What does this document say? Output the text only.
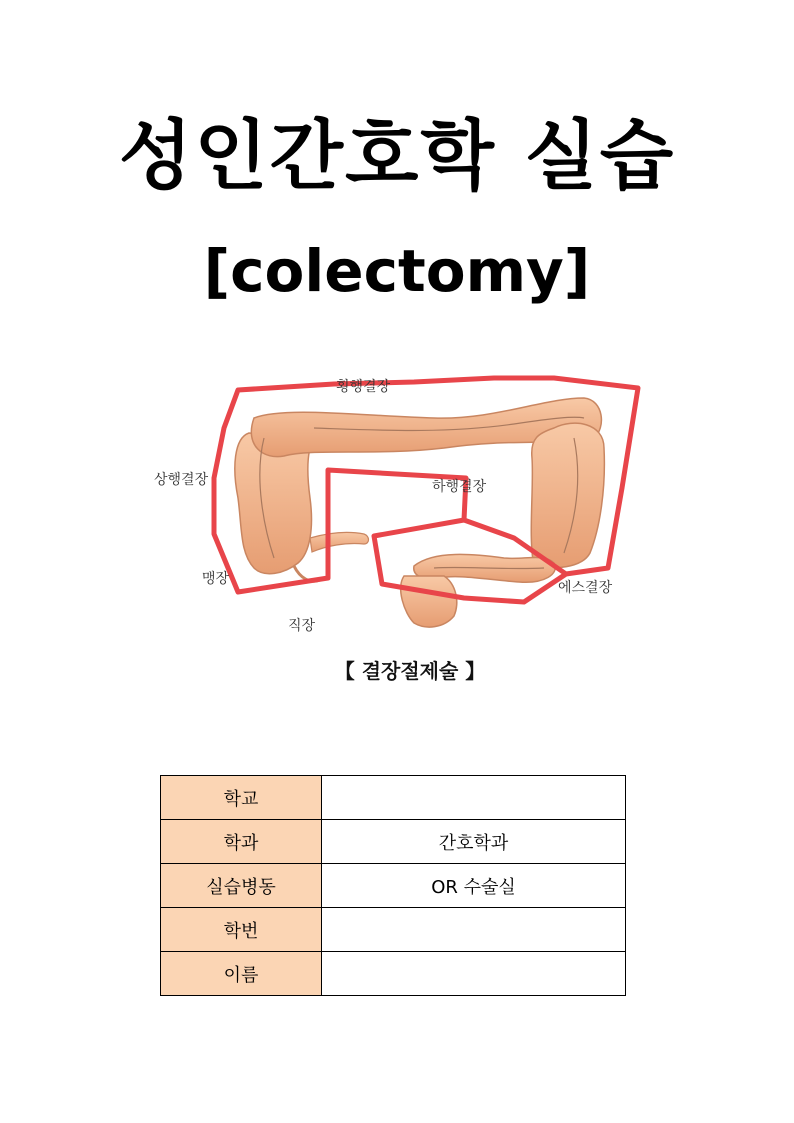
성인간호학 실습
[colectomy]
횡행결장
상행결장	하행결장
맹장
에스결장
직장
【 결장절제술 】
학교	
학과	간호학과
실습병동	OR 수술실
학번	
이름	
